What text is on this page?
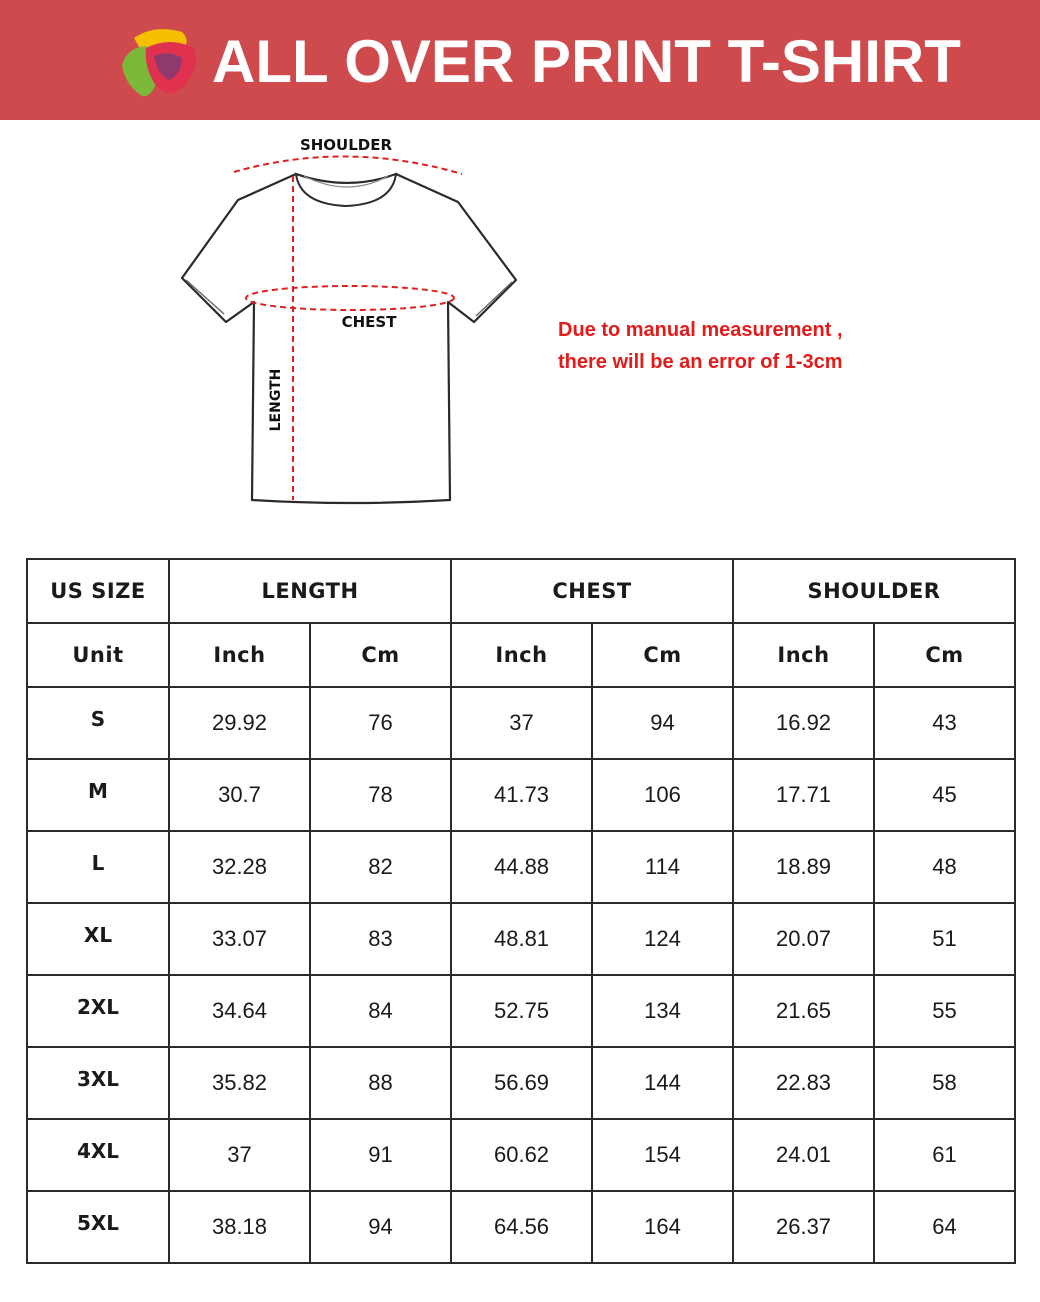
ALL OVER PRINT T-SHIRT
SHOULDER
CHEST
LENGTH
Due to manual measurement ,
there will be an error of 1-3cm
US SIZE	LENGTH		CHEST		SHOULDER	
Unit	Inch	Cm	Inch	Cm	Inch	Cm
S	29.92	76	37	94	16.92	43
M	30.7	78	41.73	106	17.71	45
L	32.28	82	44.88	114	18.89	48
XL	33.07	83	48.81	124	20.07	51
2XL	34.64	84	52.75	134	21.65	55
3XL	35.82	88	56.69	144	22.83	58
4XL	37	91	60.62	154	24.01	61
5XL	38.18	94	64.56	164	26.37	64
